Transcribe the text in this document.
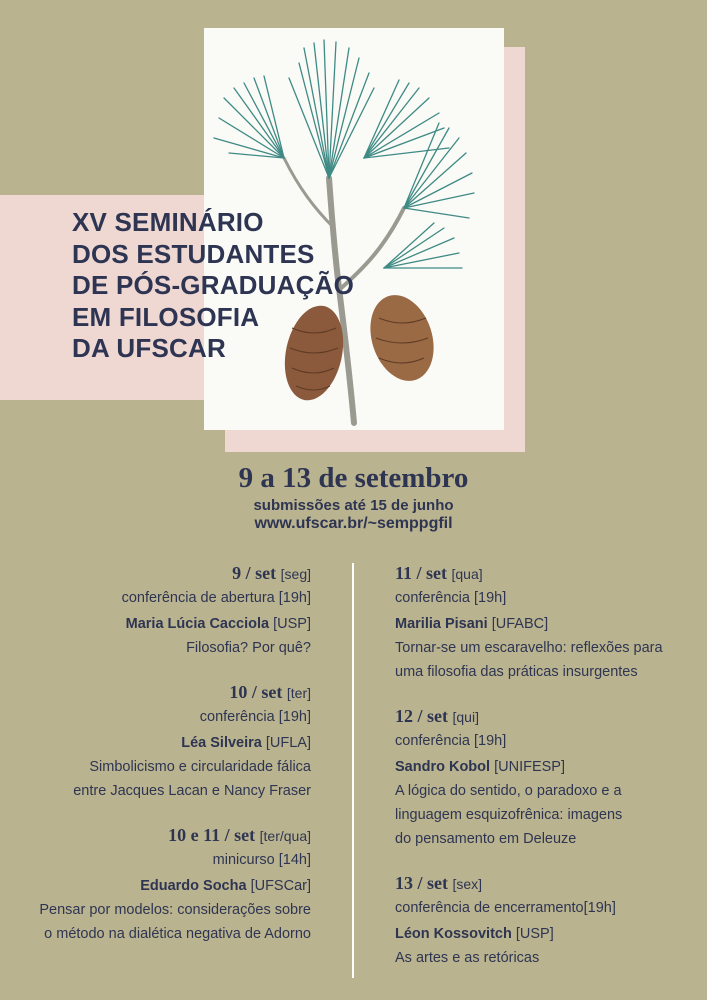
XV SEMINÁRIO
DOS ESTUDANTES
DE PÓS-GRADUAÇÃO
EM FILOSOFIA
DA UFSCAR
9 a 13 de setembro
submissões até 15 de junho
www.ufscar.br/~semppgfil
9 / set [seg]
conferência de abertura [19h]
Maria Lúcia Cacciola [USP]
Filosofia? Por quê?
10 / set [ter]
conferência [19h]
Léa Silveira [UFLA]
Simbolicismo e circularidade fálica
entre Jacques Lacan e Nancy Fraser
10 e 11 / set [ter/qua]
minicurso [14h]
Eduardo Socha [UFSCar]
Pensar por modelos: considerações sobre
o método na dialética negativa de Adorno
11 / set [qua]
conferência [19h]
Marilia Pisani [UFABC]
Tornar-se um escaravelho: reflexões para
uma filosofia das práticas insurgentes
12 / set [qui]
conferência [19h]
Sandro Kobol [UNIFESP]
A lógica do sentido, o paradoxo e a
linguagem esquizofrênica: imagens
do pensamento em Deleuze
13 / set [sex]
conferência de encerramento[19h]
Léon Kossovitch [USP]
As artes e as retóricas
